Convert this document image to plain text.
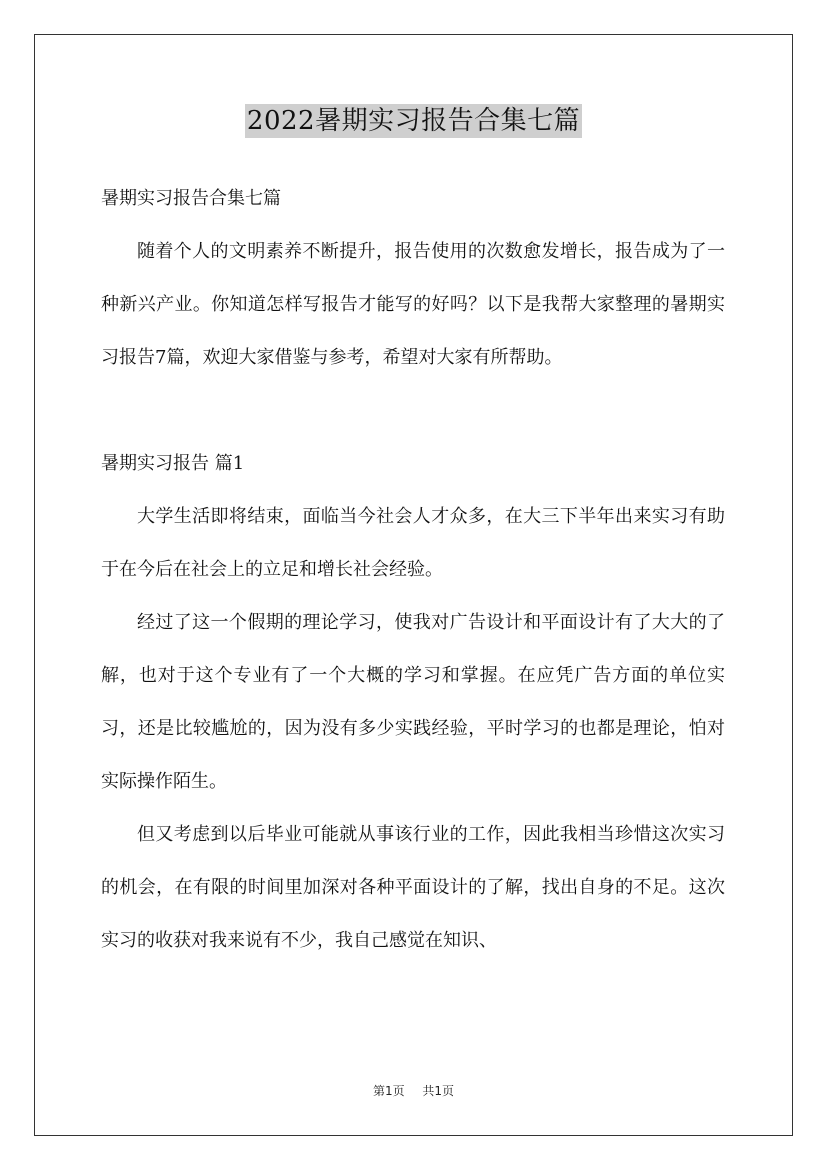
2022暑期实习报告合集七篇

暑期实习报告合集七篇

随着个人的文明素养不断提升，报告使用的次数愈发增长，报告成为了一种新兴产业。你知道怎样写报告才能写的好吗？以下是我帮大家整理的暑期实习报告7篇，欢迎大家借鉴与参考，希望对大家有所帮助。

暑期实习报告 篇1

大学生活即将结束，面临当今社会人才众多，在大三下半年出来实习有助于在今后在社会上的立足和增长社会经验。

经过了这一个假期的理论学习，使我对广告设计和平面设计有了大大的了解，也对于这个专业有了一个大概的学习和掌握。在应凭广告方面的单位实习，还是比较尴尬的，因为没有多少实践经验，平时学习的也都是理论，怕对实际操作陌生。

但又考虑到以后毕业可能就从事该行业的工作，因此我相当珍惜这次实习的机会，在有限的时间里加深对各种平面设计的了解，找出自身的不足。这次实习的收获对我来说有不少，我自己感觉在知识、

第1页 共1页
